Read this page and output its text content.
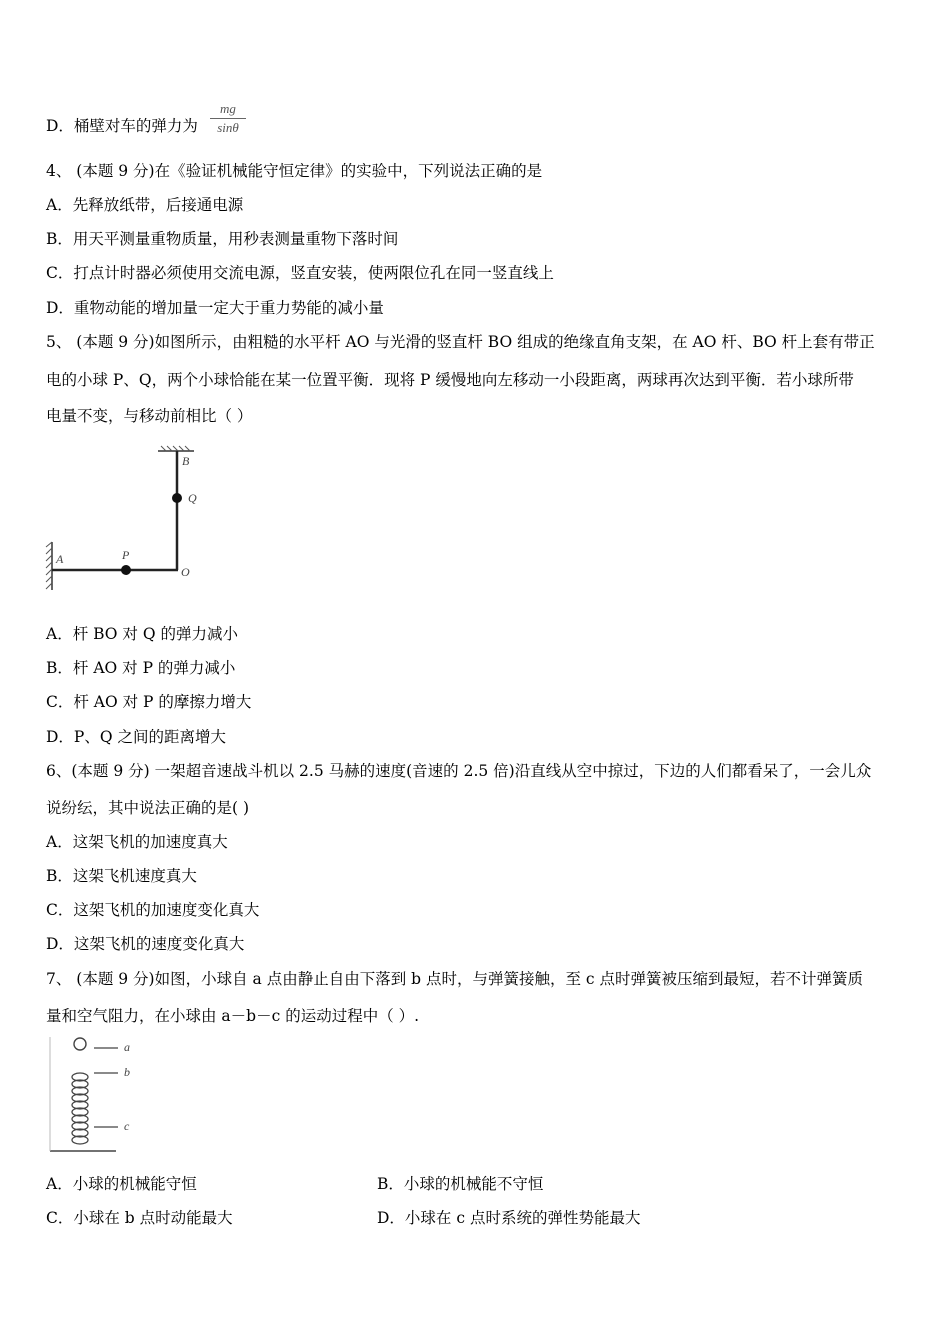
D．桶壁对车的弹力为
mg
sinθ
4、 (本题 9 分)在《验证机械能守恒定律》的实验中，下列说法正确的是
A．先释放纸带，后接通电源
B．用天平测量重物质量，用秒表测量重物下落时间
C．打点计时器必须使用交流电源，竖直安装，使两限位孔在同一竖直线上
D．重物动能的增加量一定大于重力势能的减小量
5、 (本题 9 分)如图所示，由粗糙的水平杆 AO 与光滑的竖直杆 BO 组成的绝缘直角支架，在 AO 杆、BO 杆上套有带正
电的小球 P、Q，两个小球恰能在某一位置平衡．现将 P 缓慢地向左移动一小段距离，两球再次达到平衡．若小球所带
电量不变，与移动前相比（ ）
B
Q
A	P
O
A．杆 BO 对 Q 的弹力减小
B．杆 AO 对 P 的弹力减小
C．杆 AO 对 P 的摩擦力增大
D．P、Q 之间的距离增大
6、(本题 9 分) 一架超音速战斗机以 2.5 马赫的速度(音速的 2.5 倍)沿直线从空中掠过，下边的人们都看呆了，一会儿众
说纷纭，其中说法正确的是( )
A．这架飞机的加速度真大
B．这架飞机速度真大
C．这架飞机的加速度变化真大
D．这架飞机的速度变化真大
7、 (本题 9 分)如图，小球自 a 点由静止自由下落到 b 点时，与弹簧接触，至 c 点时弹簧被压缩到最短，若不计弹簧质
量和空气阻力，在小球由 a－b－c 的运动过程中（ ）.
a
b
c
A．小球的机械能守恒	B．小球的机械能不守恒
C．小球在 b 点时动能最大	D．小球在 c 点时系统的弹性势能最大
